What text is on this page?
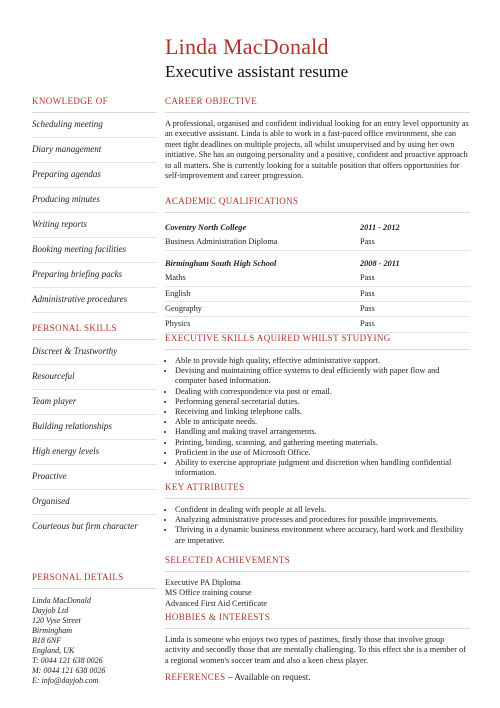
Linda MacDonald
Executive assistant resume
KNOWLEDGE OF
Scheduling meeting
Diary management
Preparing agendas
Producing minutes
Writing reports
Booking meeting facilities
Preparing briefing packs
Administrative procedures
PERSONAL SKILLS
Discreet & Trustworthy
Resourceful
Team player
Building relationships
High energy levels
Proactive
Organised
Courteous but firm character
PERSONAL DETAILS
Linda MacDonald
Dayjob Ltd
120 Vyse Street
Birmingham
B18 6NF
England, UK
T: 0044 121 638 0026
M: 0044 121 638 0026
E: info@dayjob.com
CAREER OBJECTIVE
A professional, organised and confident individual looking for an entry level opportunity as an executive assistant. Linda is able to work in a fast-paced office environment, she can meet tight deadlines on multiple projects, all whilst unsupervised and by using her own initiative. She has an outgoing personality and a positive, confident and proactive approach to all matters. She is currently looking for a suitable position that offers opportunities for self-improvement and career progression.
ACADEMIC QUALIFICATIONS
Coventry North College	2011 - 2012
Business Administration Diploma	Pass
Birmingham South High School	2008 - 2011
Maths	Pass
English	Pass
Geography	Pass
Physics	Pass
EXECUTIVE SKILLS AQUIRED WHILST STUDYING
• Able to provide high quality, effective administrative support.
• Devising and maintaining office systems to deal efficiently with paper flow and computer based information.
• Dealing with correspondence via post or email.
• Performing general secretarial duties.
• Receiving and linking telephone calls.
• Able to anticipate needs.
• Handling and making travel arrangements.
• Printing, binding, scanning, and gathering meeting materials.
• Proficient in the use of Microsoft Office.
• Ability to exercise appropriate judgment and discretion when handling confidential information.
KEY ATTRIBUTES
• Confident in dealing with people at all levels.
• Analyzing administrative processes and procedures for possible improvements.
• Thriving in a dynamic business environment where accuracy, hard work and flexibility are imperative.
SELECTED ACHIEVEMENTS
Executive PA Diploma
MS Office training course
Advanced First Aid Certificate
HOBBIES & INTERESTS
Linda is someone who enjoys two types of pastimes, firstly those that involve group activity and secondly those that are mentally challenging. To this effect she is a member of a regional women's soccer team and also a keen chess player.
REFERENCES – Available on request.
